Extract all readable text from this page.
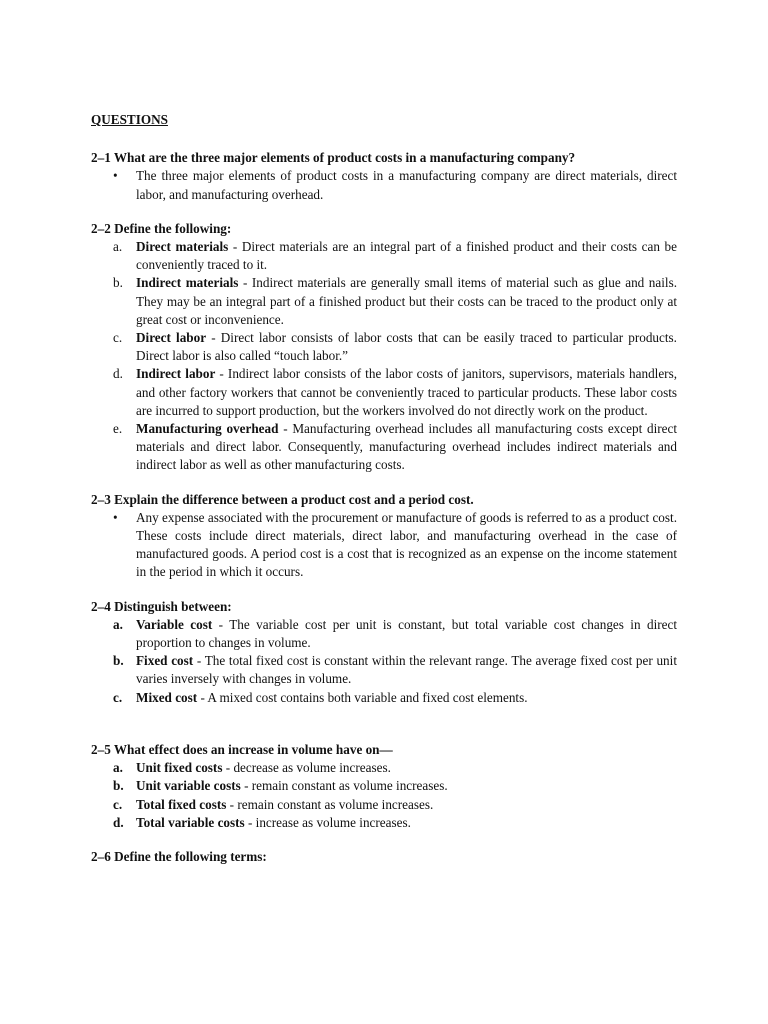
QUESTIONS

2–1 What are the three major elements of product costs in a manufacturing company?

•	The three major elements of product costs in a manufacturing company are direct materials, direct labor, and manufacturing overhead.

2–2 Define the following:

a.	Direct materials - Direct materials are an integral part of a finished product and their costs can be conveniently traced to it.
b. Indirect materials - Indirect materials are generally small items of material such as glue and nails. They may be an integral part of a finished product but their costs can be traced to the product only at great cost or inconvenience.
c.	Direct labor - Direct labor consists of labor costs that can be easily traced to particular products. Direct labor is also called “touch labor.”
d. Indirect labor - Indirect labor consists of the labor costs of janitors, supervisors, materials handlers, and other factory workers that cannot be conveniently traced to particular products. These labor costs are incurred to support production, but the workers involved do not directly work on the product.
e.	Manufacturing overhead - Manufacturing overhead includes all manufacturing costs except direct materials and direct labor. Consequently, manufacturing overhead includes indirect materials and indirect labor as well as other manufacturing costs.

2–3 Explain the difference between a product cost and a period cost.

•	Any expense associated with the procurement or manufacture of goods is referred to as a product cost. These costs include direct materials, direct labor, and manufacturing overhead in the case of manufactured goods. A period cost is a cost that is recognized as an expense on the income statement in the period in which it occurs.

2–4 Distinguish between:

a. Variable cost - The variable cost per unit is constant, but total variable cost changes in direct proportion to changes in volume.
b. Fixed cost - The total fixed cost is constant within the relevant range. The average fixed cost per unit varies inversely with changes in volume.
c.	Mixed cost - A mixed cost contains both variable and fixed cost elements.

2–5 What effect does an increase in volume have on—

a. Unit fixed costs - decrease as volume increases.
b. Unit variable costs - remain constant as volume increases.
c.	Total fixed costs - remain constant as volume increases.
d. Total variable costs - increase as volume increases.

2–6 Define the following terms:
